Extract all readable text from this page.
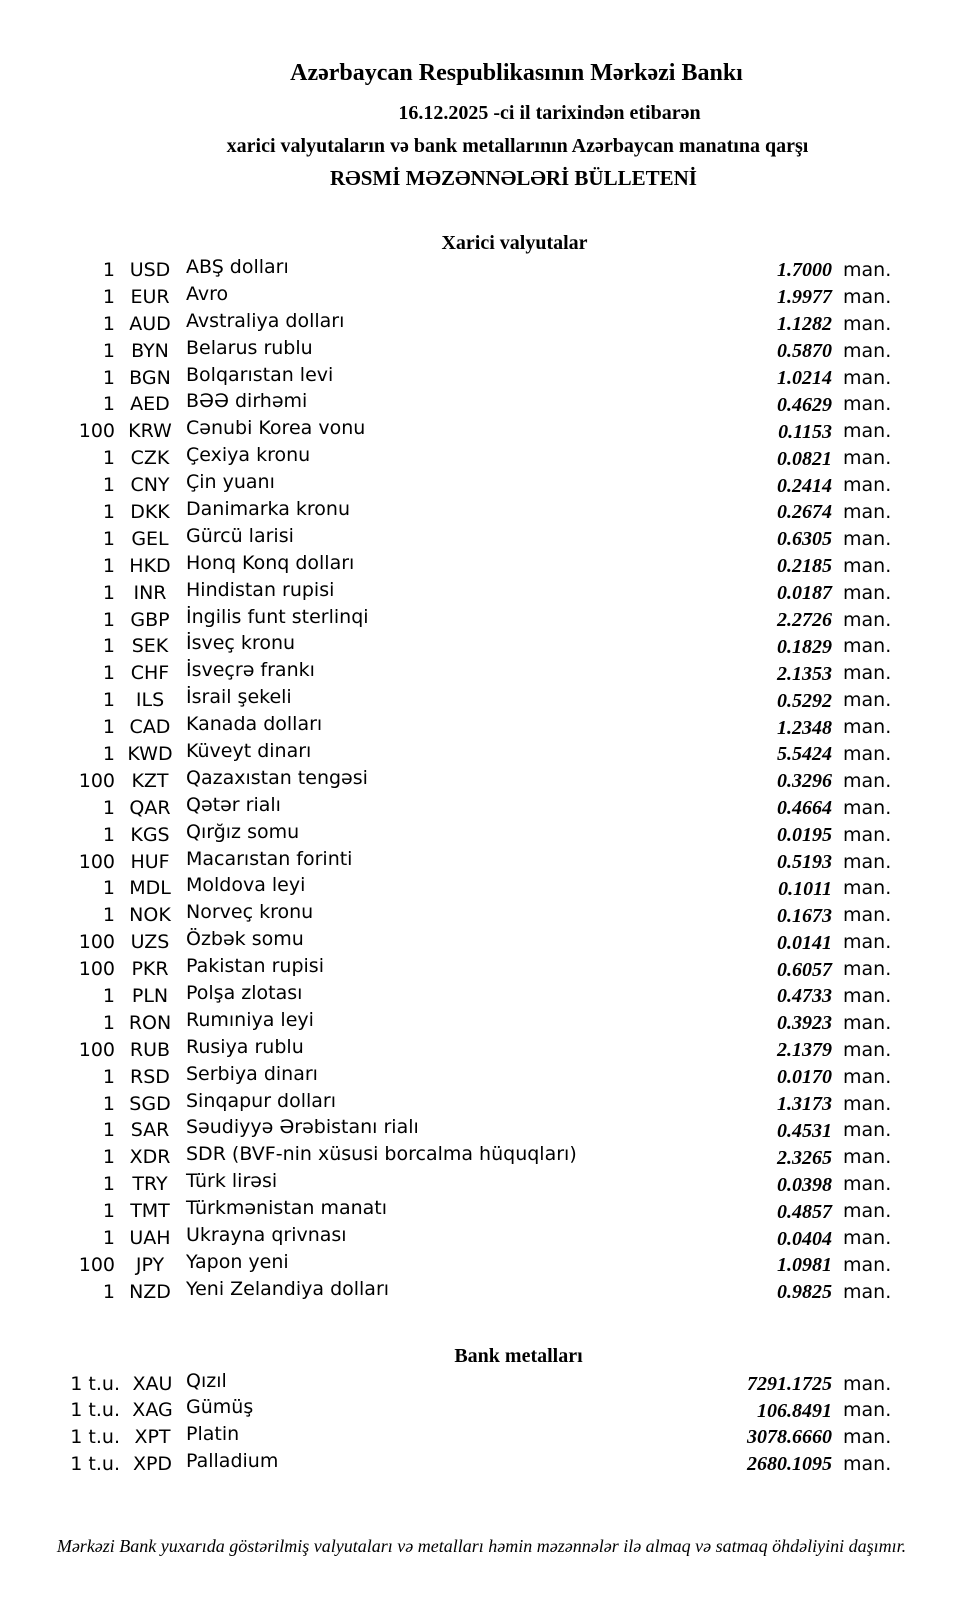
Azərbaycan Respublikasının Mərkəzi Bankı
16.12.2025 -ci il tarixindən etibarən
xarici valyutaların və bank metallarının Azərbaycan manatına qarşı
RƏSMİ MƏZƏNNƏLƏRİ BÜLLETENİ
Xarici valyutalar
1 USD ABŞ dolları	1.7000 man.
1 EUR Avro	1.9977 man.
1 AUD Avstraliya dolları	1.1282 man.
1 BYN Belarus rublu	0.5870 man.
1 BGN Bolqarıstan levi	1.0214 man.
1 AED BƏƏ dirhəmi	0.4629 man.
100 KRW Cənubi Korea vonu	0.1153 man.
1 CZK Çexiya kronu	0.0821 man.
1 CNY Çin yuanı	0.2414 man.
1 DKK Danimarka kronu	0.2674 man.
1 GEL Gürcü larisi	0.6305 man.
1 HKD Honq Konq dolları	0.2185 man.
1 INR	Hindistan rupisi	0.0187 man.
1 GBP İngilis funt sterlinqi	2.2726 man.
1 SEK İsveç kronu	0.1829 man.
1 CHF İsveçrə frankı	2.1353 man.
1	ILS	İsrail şekeli	0.5292 man.
1 CAD Kanada dolları	1.2348 man.
1 KWD Küveyt dinarı	5.5424 man.
100 KZT Qazaxıstan tengəsi	0.3296 man.
1 QAR Qətər rialı	0.4664 man.
1 KGS Qırğız somu	0.0195 man.
100 HUF Macarıstan forinti	0.5193 man.
1 MDL Moldova leyi	0.1011 man.
1 NOK Norveç kronu	0.1673 man.
100 UZS Özbək somu	0.0141 man.
100 PKR Pakistan rupisi	0.6057 man.
1 PLN Polşa zlotası	0.4733 man.
1 RON Rumıniya leyi	0.3923 man.
100 RUB Rusiya rublu	2.1379 man.
1 RSD Serbiya dinarı	0.0170 man.
1 SGD Sinqapur dolları	1.3173 man.
1 SAR Səudiyyə Ərəbistanı rialı	0.4531 man.
1 XDR SDR (BVF-nin xüsusi borcalma hüquqları)	2.3265 man.
1 TRY Türk lirəsi	0.0398 man.
1 TMT Türkmənistan manatı	0.4857 man.
1 UAH Ukrayna qrivnası	0.0404 man.
100	JPY	Yapon yeni	1.0981 man.
1 NZD Yeni Zelandiya dolları	0.9825 man.
Bank metalları
1 t.u. XAU Qızıl	7291.1725 man.
1 t.u. XAG Gümüş	106.8491 man.
1 t.u. XPT Platin	3078.6660 man.
1 t.u. XPD Palladium	2680.1095 man.
Mərkəzi Bank yuxarıda göstərilmiş valyutaları və metalları həmin məzənnələr ilə almaq və satmaq öhdəliyini daşımır.
